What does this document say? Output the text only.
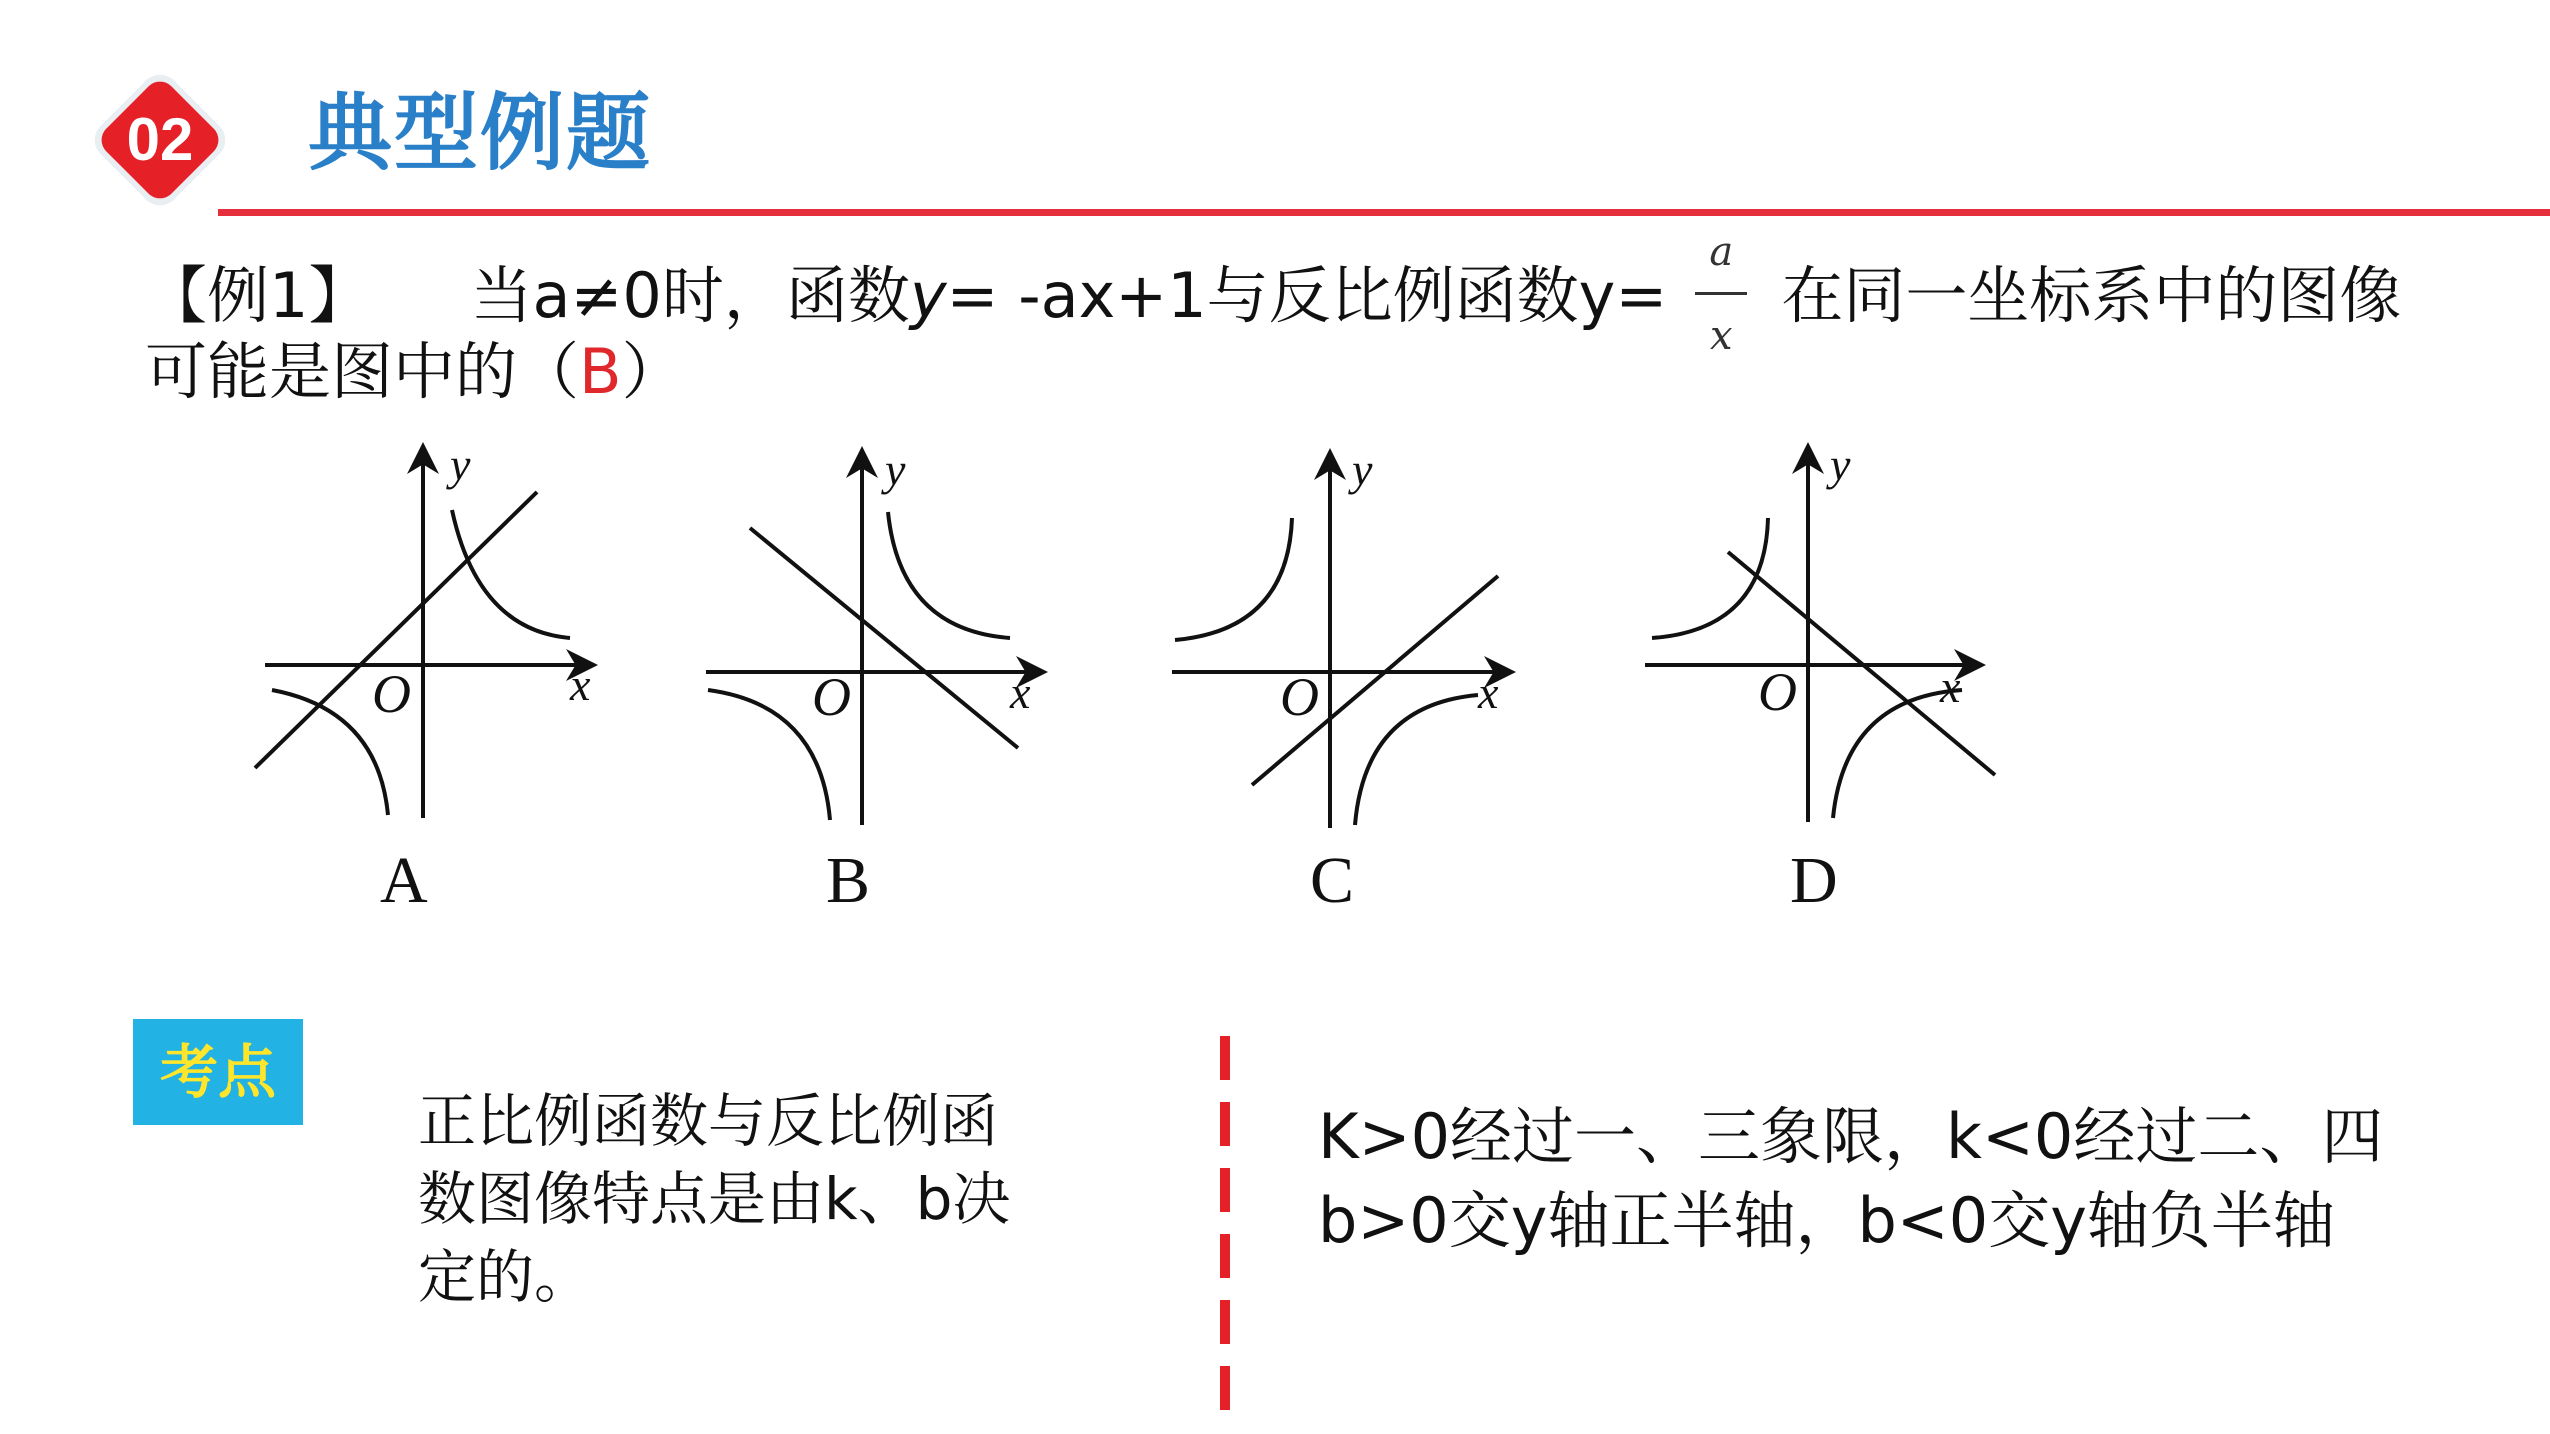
02	典型例题
【例1】 当a≠0时，函数y= -ax+1与反比例函数$y= \frac{a}{x}$ 在同一坐标系中的图像
可能是图中的（B）
y
x
O
A
y
x
O
B
y
x
O
C
y
x
O
D
考点
正比例函数与反比例函
数图像特点是由k、b决
定的。
K>0经过一、三象限，k<0经过二、四
b>0交y轴正半轴，b<0交y轴负半轴
